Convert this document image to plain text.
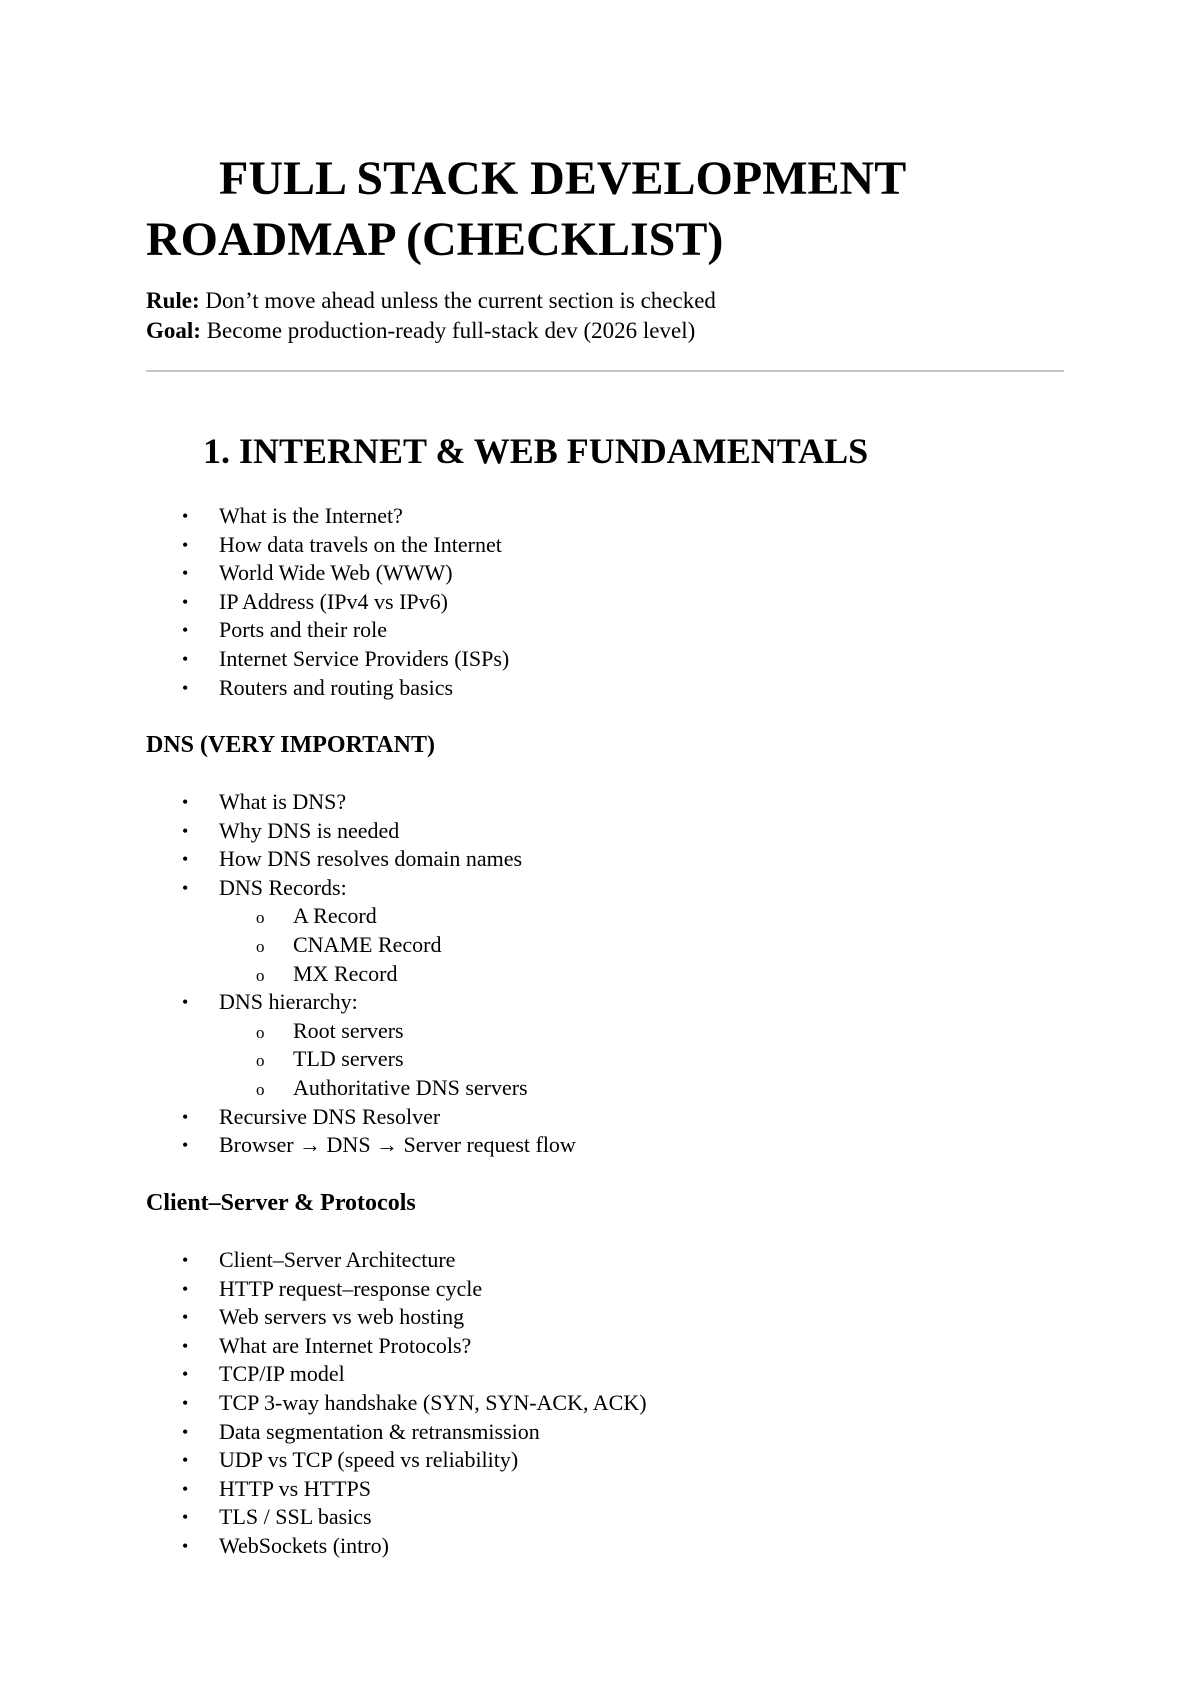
FULL STACK DEVELOPMENT
ROADMAP (CHECKLIST)
Rule: Don’t move ahead unless the current section is checked
Goal: Become production-ready full-stack dev (2026 level)
1. INTERNET & WEB FUNDAMENTALS
• What is the Internet?
• How data travels on the Internet
• World Wide Web (WWW)
• IP Address (IPv4 vs IPv6)
• Ports and their role
• Internet Service Providers (ISPs)
• Routers and routing basics
DNS (VERY IMPORTANT)
• What is DNS?
• Why DNS is needed
• How DNS resolves domain names
• DNS Records:
o A Record
o CNAME Record
o MX Record
• DNS hierarchy:
o Root servers
o TLD servers
o Authoritative DNS servers
• Recursive DNS Resolver
• Browser → DNS → Server request flow
Client–Server & Protocols
• Client–Server Architecture
• HTTP request–response cycle
• Web servers vs web hosting
• What are Internet Protocols?
• TCP/IP model
• TCP 3-way handshake (SYN, SYN-ACK, ACK)
• Data segmentation & retransmission
• UDP vs TCP (speed vs reliability)
• HTTP vs HTTPS
• TLS / SSL basics
• WebSockets (intro)
